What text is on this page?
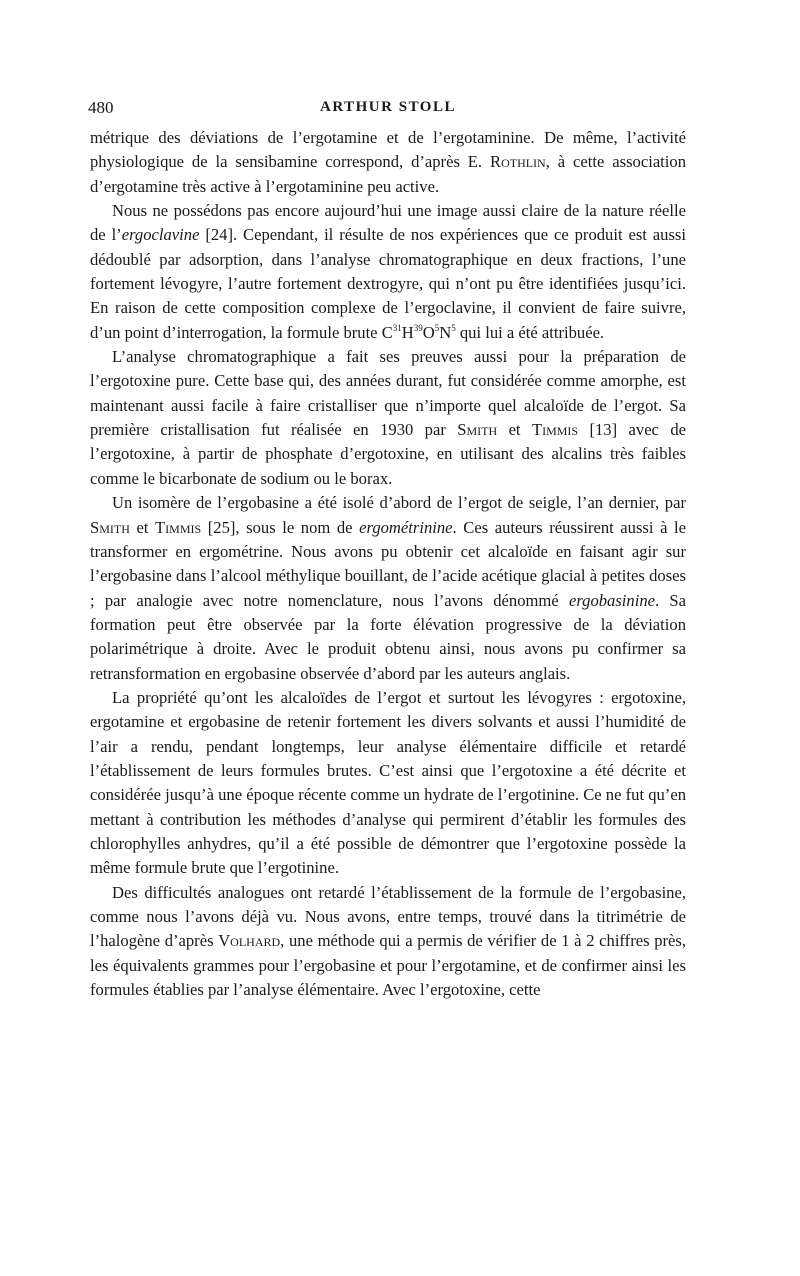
480	ARTHUR STOLL

métrique des déviations de l’ergotamine et de l’ergotaminine. De même, l’activité physiologique de la sensibamine correspond, d’après E. Rothlin, à cette association d’ergotamine très active à l’ergotaminine peu active.

Nous ne possédons pas encore aujourd’hui une image aussi claire de la nature réelle de l’ergoclavine [24]. Cependant, il résulte de nos expériences que ce produit est aussi dédoublé par adsorption, dans l’analyse chromatographique en deux fractions, l’une fortement lévogyre, l’autre fortement dextrogyre, qui n’ont pu être identifiées jusqu’ici. En raison de cette composition complexe de l’ergoclavine, il convient de faire suivre, d’un point d’interrogation, la formule brute $C^{31}H^{39}O^5N^5$ qui lui a été attribuée.

L’analyse chromatographique a fait ses preuves aussi pour la préparation de l’ergotoxine pure. Cette base qui, des années durant, fut considérée comme amorphe, est maintenant aussi facile à faire cristalliser que n’importe quel alcaloïde de l’ergot. Sa première cristallisation fut réalisée en 1930 par Smith et Timmis [13] avec de l’ergotoxine, à partir de phosphate d’ergotoxine, en utilisant des alcalins très faibles comme le bicarbonate de sodium ou le borax.

Un isomère de l’ergobasine a été isolé d’abord de l’ergot de seigle, l’an dernier, par Smith et Timmis [25], sous le nom de ergométrinine. Ces auteurs réussirent aussi à le transformer en ergométrine. Nous avons pu obtenir cet alcaloïde en faisant agir sur l’ergobasine dans l’alcool méthylique bouillant, de l’acide acétique glacial à petites doses ; par analogie avec notre nomenclature, nous l’avons dénommé ergobasinine. Sa formation peut être observée par la forte élévation progressive de la déviation polarimétrique à droite. Avec le produit obtenu ainsi, nous avons pu confirmer sa retransformation en ergobasine observée d’abord par les auteurs anglais.

La propriété qu’ont les alcaloïdes de l’ergot et surtout les lévogyres : ergotoxine, ergotamine et ergobasine de retenir fortement les divers solvants et aussi l’humidité de l’air a rendu, pendant longtemps, leur analyse élémentaire difficile et retardé l’établissement de leurs formules brutes. C’est ainsi que l’ergotoxine a été décrite et considérée jusqu’à une époque récente comme un hydrate de l’ergotinine. Ce ne fut qu’en mettant à contribution les méthodes d’analyse qui permirent d’établir les formules des chlorophylles anhydres, qu’il a été possible de démontrer que l’ergotoxine possède la même formule brute que l’ergotinine.

Des difficultés analogues ont retardé l’établissement de la formule de l’ergobasine, comme nous l’avons déjà vu. Nous avons, entre temps, trouvé dans la titrimétrie de l’halogène d’après Volhard, une méthode qui a permis de vérifier de 1 à 2 chiffres près, les équivalents grammes pour l’ergobasine et pour l’ergotamine, et de confirmer ainsi les formules établies par l’analyse élémentaire. Avec l’ergotoxine, cette
